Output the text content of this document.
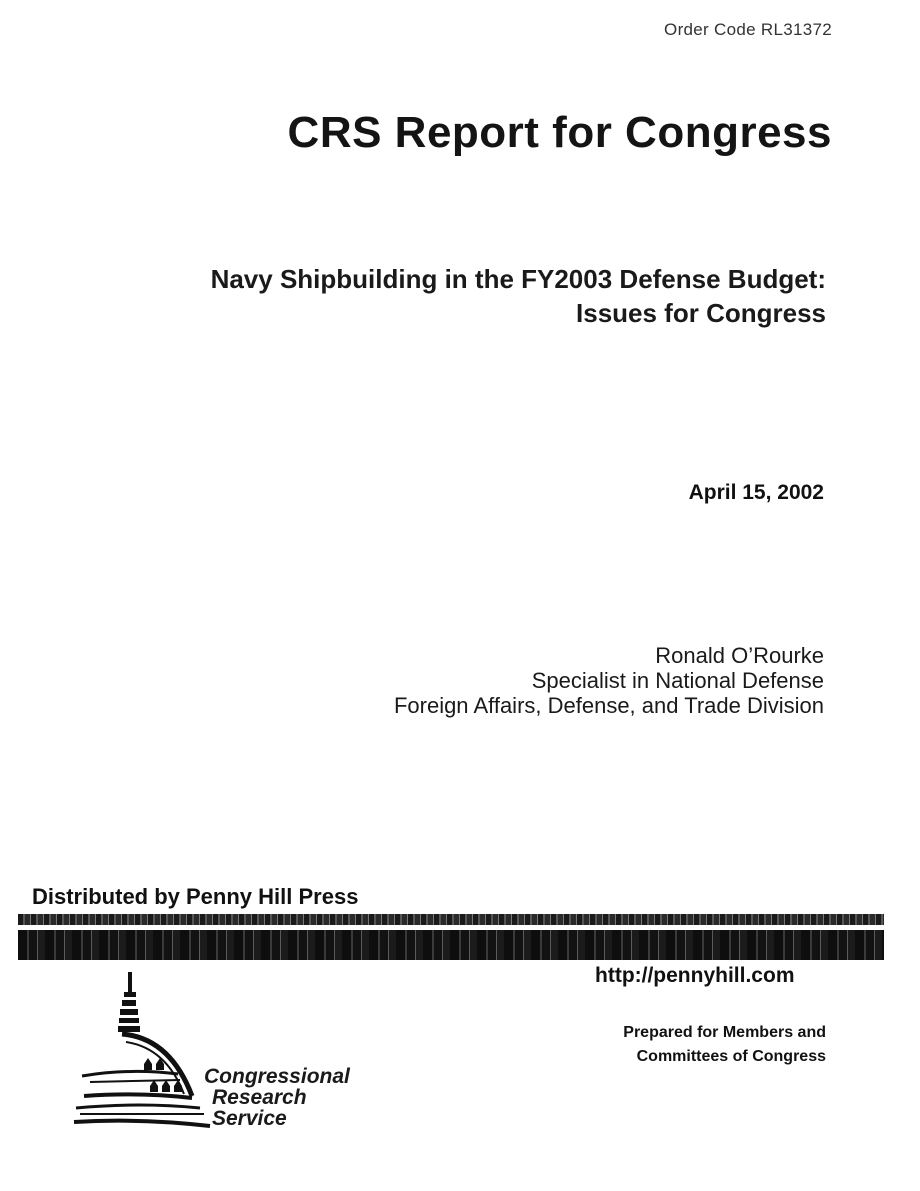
Order Code RL31372
CRS Report for Congress
Navy Shipbuilding in the FY2003 Defense Budget:
Issues for Congress
April 15, 2002
Ronald O’Rourke
Specialist in National Defense
Foreign Affairs, Defense, and Trade Division
Distributed by Penny Hill Press
http://pennyhill.com
Prepared for Members and
Committees of Congress
Congressional
Research
Service
